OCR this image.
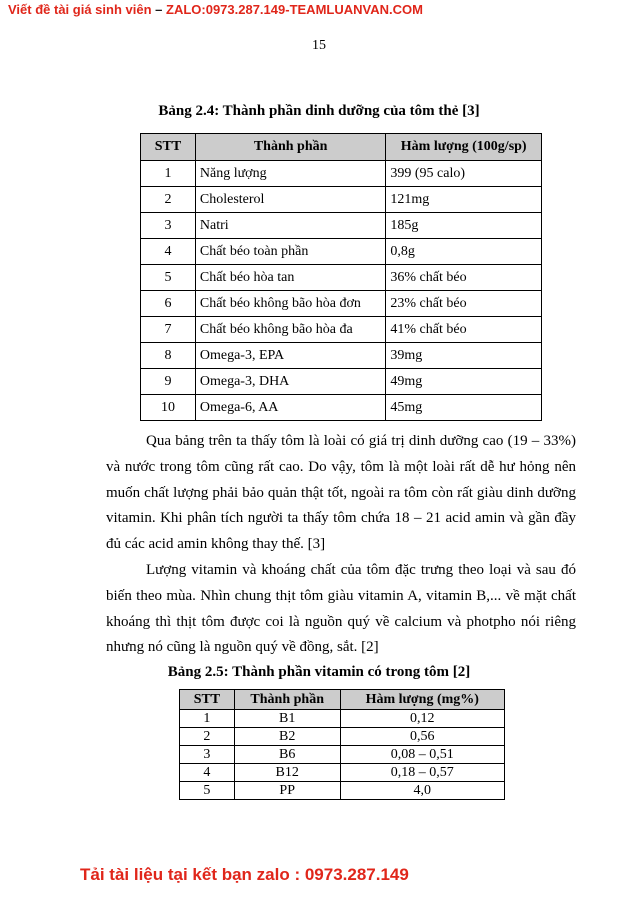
Viết đề tài giá sinh viên – ZALO:0973.287.149-TEAMLUANVAN.COM
15
Bảng 2.4: Thành phần dinh dưỡng của tôm thẻ [3]
STT	Thành phần	Hàm lượng (100g/sp)
1	Năng lượng	399 (95 calo)
2	Cholesterol	121mg
3	Natri	185g
4	Chất béo toàn phần	0,8g
5	Chất béo hòa tan	36% chất béo
6	Chất béo không bão hòa đơn	23% chất béo
7	Chất béo không bão hòa đa	41% chất béo
8	Omega-3, EPA	39mg
9	Omega-3, DHA	49mg
10	Omega-6, AA	45mg
Qua bảng trên ta thấy tôm là loài có giá trị dinh dưỡng cao (19 – 33%) và nước trong tôm cũng rất cao. Do vậy, tôm là một loài rất dễ hư hỏng nên muốn chất lượng phải bảo quản thật tốt, ngoài ra tôm còn rất giàu dinh dưỡng vitamin. Khi phân tích người ta thấy tôm chứa 18 – 21 acid amin và gần đầy đủ các acid amin không thay thế. [3]
Lượng vitamin và khoáng chất của tôm đặc trưng theo loại và sau đó biến theo mùa. Nhìn chung thịt tôm giàu vitamin A, vitamin B,... về mặt chất khoáng thì thịt tôm được coi là nguồn quý về calcium và photpho nói riêng nhưng nó cũng là nguồn quý về đồng, sắt. [2]
Bảng 2.5: Thành phần vitamin có trong tôm [2]
STT	Thành phần	Hàm lượng (mg%)
1	B1	0,12
2	B2	0,56
3	B6	0,08 – 0,51
4	B12	0,18 – 0,57
5	PP	4,0
Tải tài liệu tại kết bạn zalo : 0973.287.149
